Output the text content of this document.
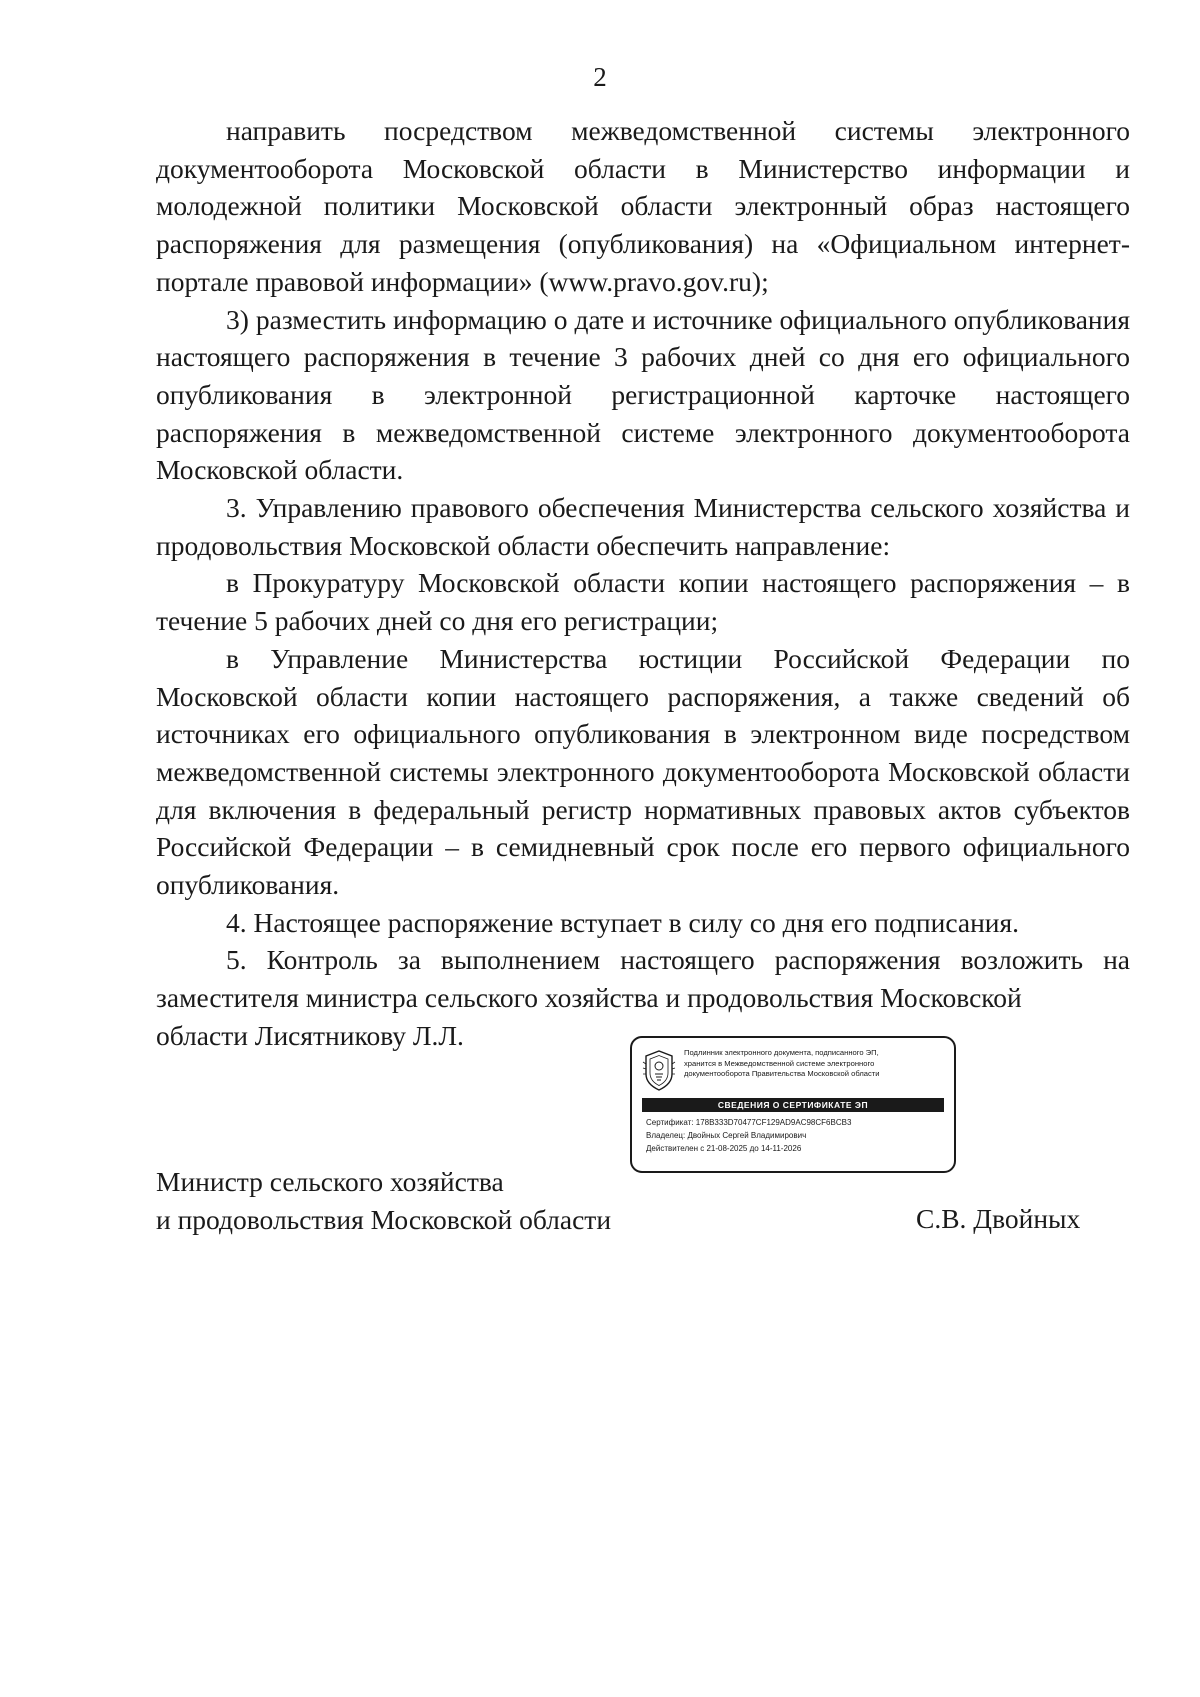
2

направить посредством межведомственной системы электронного документооборота Московской области в Министерство информации и молодежной политики Московской области электронный образ настоящего распоряжения для размещения (опубликования) на «Официальном интернет-портале правовой информации» (www.pravo.gov.ru);

3) разместить информацию о дате и источнике официального опубликования настоящего распоряжения в течение 3 рабочих дней со дня его официального опубликования в электронной регистрационной карточке настоящего распоряжения в межведомственной системе электронного документооборота Московской области.

3. Управлению правового обеспечения Министерства сельского хозяйства и продовольствия Московской области обеспечить направление:

в Прокуратуру Московской области копии настоящего распоряжения – в течение 5 рабочих дней со дня его регистрации;

в Управление Министерства юстиции Российской Федерации по Московской области копии настоящего распоряжения, а также сведений об источниках его официального опубликования в электронном виде посредством межведомственной системы электронного документооборота Московской области для включения в федеральный регистр нормативных правовых актов субъектов Российской Федерации – в семидневный срок после его первого официального опубликования.

4. Настоящее распоряжение вступает в силу со дня его подписания.

5. Контроль за выполнением настоящего распоряжения возложить на заместителя министра сельского хозяйства и продовольствия Московской

области Лисятникову Л.Л.

Подлинник электронного документа, подписанного ЭП,
хранится в Межведомственной системе электронного
документооборота Правительства Московской области
СВЕДЕНИЯ О СЕРТИФИКАТЕ ЭП
Сертификат: 178B333D70477CF129AD9AC98CF6BCB3
Владелец: Двойных Сергей Владимирович
Действителен с 21-08-2025 до 14-11-2026
Министр сельского хозяйства
и продовольствия Московской области	С.В. Двойных
